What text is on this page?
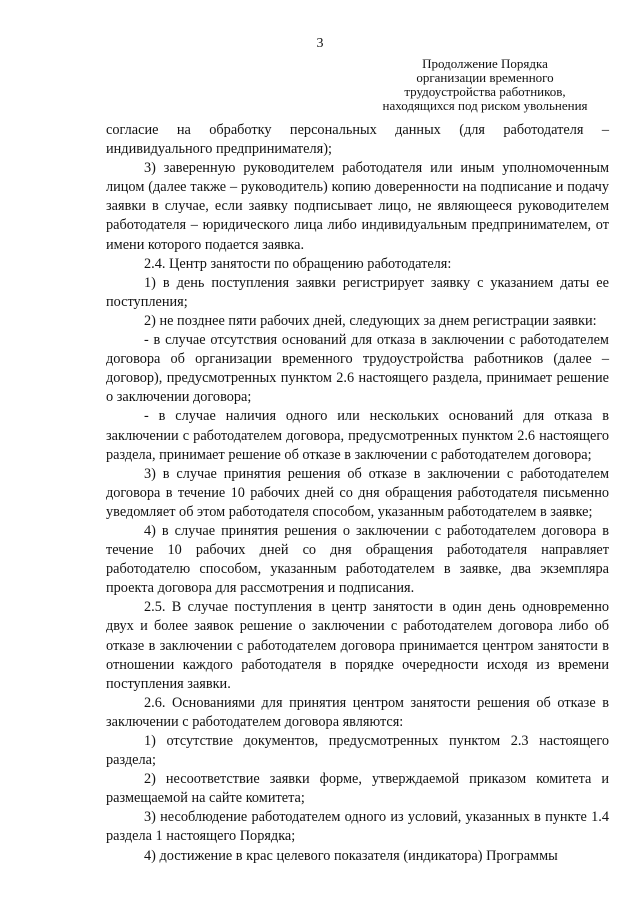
3
Продолжение Порядка
организации временного
трудоустройства работников,
находящихся под риском увольнения

согласие на обработку персональных данных (для работодателя – индивидуального предпринимателя);

3) заверенную руководителем работодателя или иным уполномоченным лицом (далее также – руководитель) копию доверенности на подписание и подачу заявки в случае, если заявку подписывает лицо, не являющееся руководителем работодателя – юридического лица либо индивидуальным предпринимателем, от имени которого подается заявка.

2.4. Центр занятости по обращению работодателя:

1) в день поступления заявки регистрирует заявку с указанием даты ее поступления;

2) не позднее пяти рабочих дней, следующих за днем регистрации заявки:

- в случае отсутствия оснований для отказа в заключении с работодателем договора об организации временного трудоустройства работников (далее – договор), предусмотренных пунктом 2.6 настоящего раздела, принимает решение о заключении договора;

- в случае наличия одного или нескольких оснований для отказа в заключении с работодателем договора, предусмотренных пунктом 2.6 настоящего раздела, принимает решение об отказе в заключении с работодателем договора;

3) в случае принятия решения об отказе в заключении с работодателем договора в течение 10 рабочих дней со дня обращения работодателя письменно уведомляет об этом работодателя способом, указанным работодателем в заявке;

4) в случае принятия решения о заключении с работодателем договора в течение 10 рабочих дней со дня обращения работодателя направляет работодателю способом, указанным работодателем в заявке, два экземпляра проекта договора для рассмотрения и подписания.

2.5. В случае поступления в центр занятости в один день одновременно двух и более заявок решение о заключении с работодателем договора либо об отказе в заключении с работодателем договора принимается центром занятости в отношении каждого работодателя в порядке очередности исходя из времени поступления заявки.

2.6. Основаниями для принятия центром занятости решения об отказе в заключении с работодателем договора являются:

1) отсутствие документов, предусмотренных пунктом 2.3 настоящего раздела;

2) несоответствие заявки форме, утверждаемой приказом комитета и размещаемой на сайте комитета;

3) несоблюдение работодателем одного из условий, указанных в пункте 1.4 раздела 1 настоящего Порядка;

4) достижение в крас целевого показателя (индикатора) Программы
